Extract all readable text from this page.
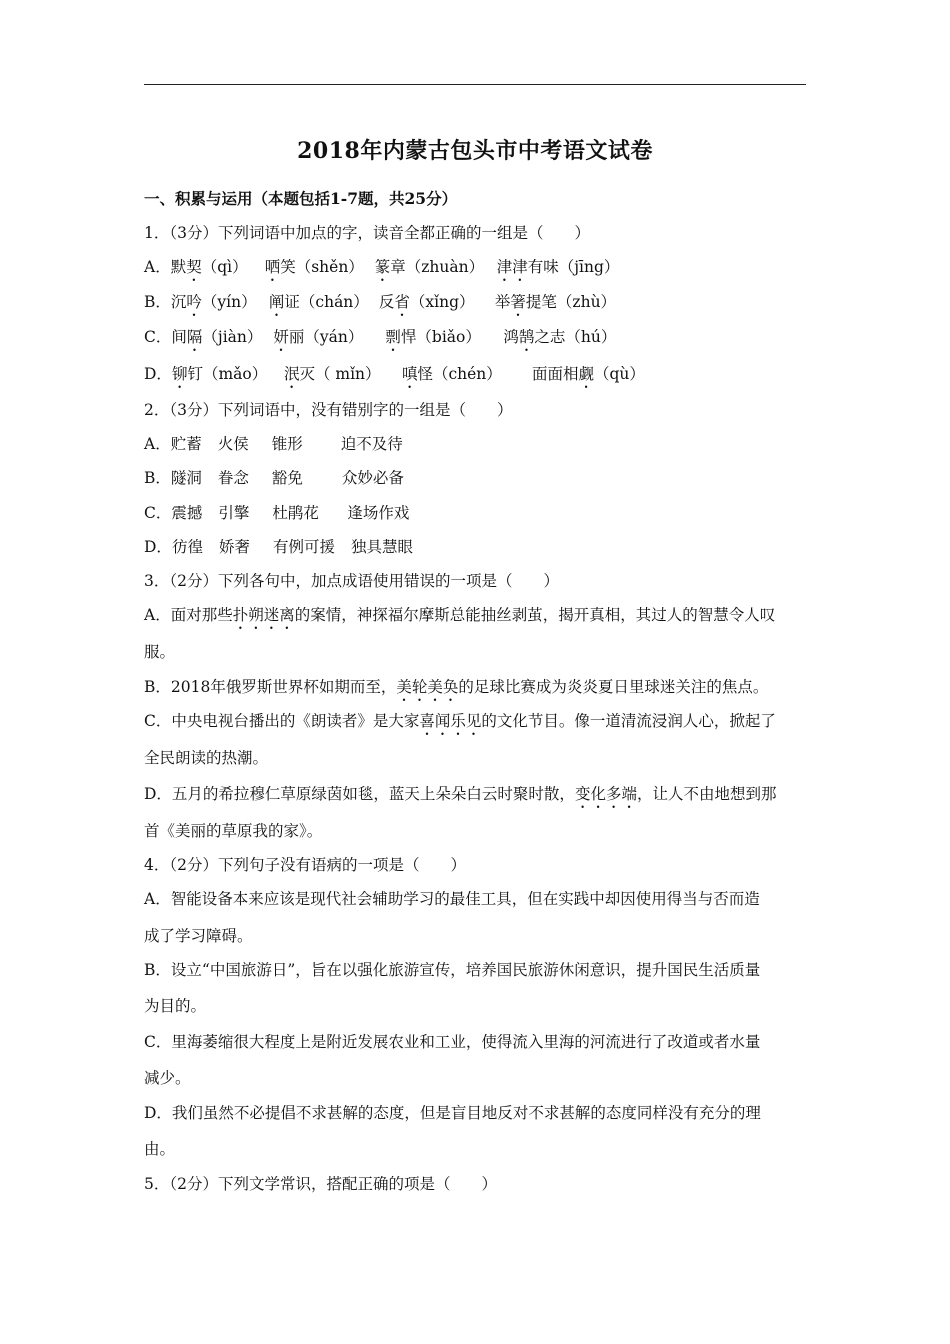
2018年内蒙古包头市中考语文试卷
一、积累与运用（本题包括1-7题，共25分）
1．（3分）下列词语中加点的字，读音全都正确的一组是（　　）
A．默契（qì） 哂笑（shěn） 篆章（zhuàn） 津津有味（jīng）
B．沉吟（yín） 阐证（chán） 反省（xǐng） 举箸提笔（zhù）
C．间隔（jiàn） 妍丽（yán） 剽悍（biǎo） 鸿鹄之志（hú）
D．铆钉（mǎo） 泯灭（ mǐn） 嗔怪（chén） 面面相觑（qù）
2．（3分）下列词语中，没有错别字的一组是（　　）
A．贮蓄 火侯 锥形 迫不及待
B．隧洞 眷念 豁免	众妙必备
C．震撼 引擎 杜鹃花 逢场作戏
D．彷徨 娇奢 有例可援 独具慧眼
3．（2分）下列各句中，加点成语使用错误的一项是（　　）
A．面对那些扑朔迷离的案情，神探福尔摩斯总能抽丝剥茧，揭开真相，其过人的智慧令人叹
服。
B．2018年俄罗斯世界杯如期而至，美轮美奂的足球比赛成为炎炎夏日里球迷关注的焦点。
C．中央电视台播出的《朗读者》是大家喜闻乐见的文化节目。像一道清流浸润人心，掀起了
全民朗读的热潮。
D．五月的希拉穆仁草原绿茵如毯，蓝天上朵朵白云时聚时散，变化多端，让人不由地想到那
首《美丽的草原我的家》。
4．（2分）下列句子没有语病的一项是（　　）
A．智能设备本来应该是现代社会辅助学习的最佳工具，但在实践中却因使用得当与否而造
成了学习障碍。
B．设立“中国旅游日”，旨在以强化旅游宣传，培养国民旅游休闲意识，提升国民生活质量
为目的。
C．里海萎缩很大程度上是附近发展农业和工业，使得流入里海的河流进行了改道或者水量
减少。
D．我们虽然不必提倡不求甚解的态度，但是盲目地反对不求甚解的态度同样没有充分的理
由。
5．（2分）下列文学常识，搭配正确的项是（　　）
